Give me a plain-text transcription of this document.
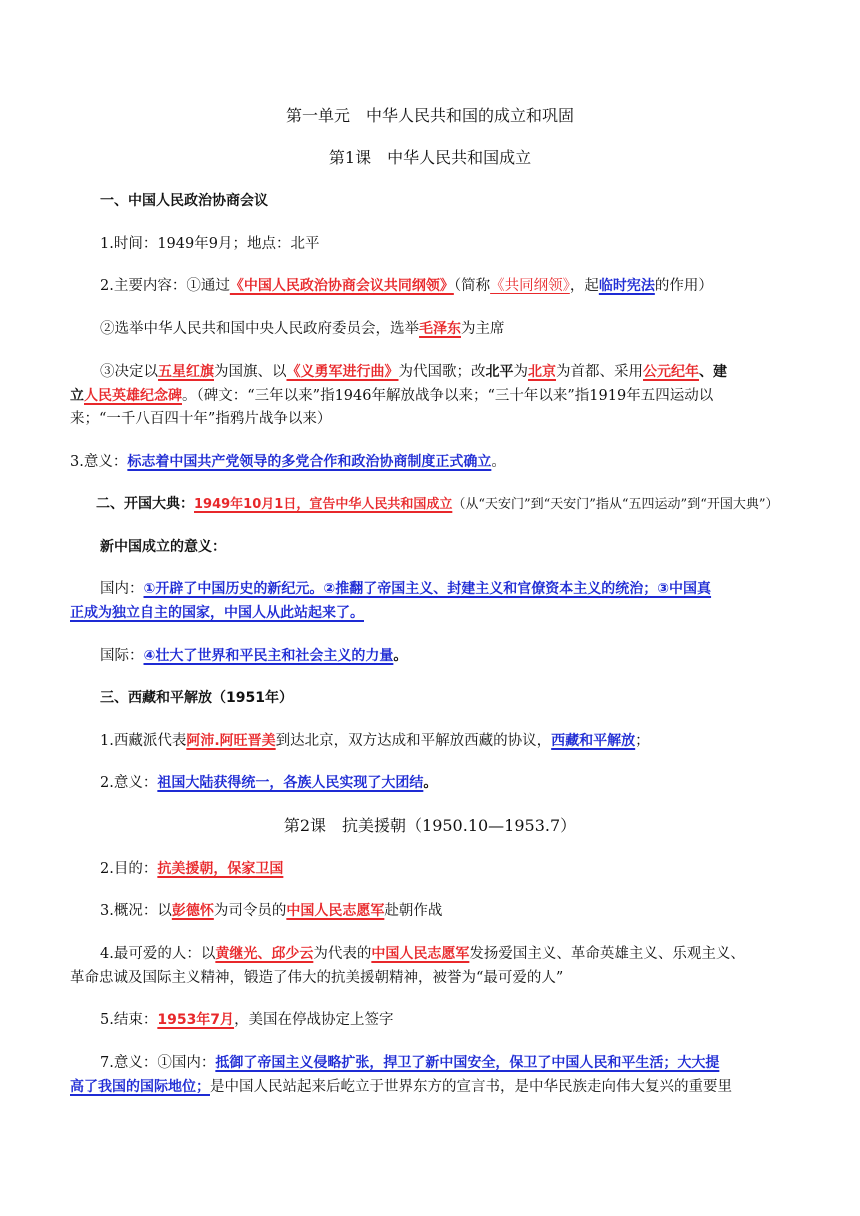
第一单元　中华人民共和国的成立和巩固
第1课　中华人民共和国成立
一、中国人民政治协商会议
1.时间：1949年9月；地点：北平
2.主要内容：①通过《中国人民政治协商会议共同纲领》（简称《共同纲领》，起临时宪法的作用）
②选举中华人民共和国中央人民政府委员会，选举毛泽东为主席
③决定以五星红旗为国旗、以《义勇军进行曲》为代国歌；改北平为北京为首都、采用公元纪年、建
立人民英雄纪念碑。（碑文：“三年以来”指1946年解放战争以来；“三十年以来”指1919年五四运动以
来；“一千八百四十年”指鸦片战争以来）
3.意义：标志着中国共产党领导的多党合作和政治协商制度正式确立。
二、开国大典：1949年10月1日，宣告中华人民共和国成立（从“天安门”到“天安门”指从“五四运动”到“开国大典”）
新中国成立的意义：
国内：①开辟了中国历史的新纪元。②推翻了帝国主义、封建主义和官僚资本主义的统治；③中国真
正成为独立自主的国家，中国人从此站起来了。
国际：④壮大了世界和平民主和社会主义的力量。
三、西藏和平解放（1951年）
1.西藏派代表阿沛.阿旺晋美到达北京，双方达成和平解放西藏的协议，西藏和平解放；
2.意义：祖国大陆获得统一，各族人民实现了大团结。
第2课　抗美援朝（1950.10—1953.7）
2.目的：抗美援朝，保家卫国
3.概况：以彭德怀为司令员的中国人民志愿军赴朝作战
4.最可爱的人：以黄继光、邱少云为代表的中国人民志愿军发扬爱国主义、革命英雄主义、乐观主义、
革命忠诚及国际主义精神，锻造了伟大的抗美援朝精神，被誉为“最可爱的人”
5.结束：1953年7月，美国在停战协定上签字
7.意义：①国内：抵御了帝国主义侵略扩张，捍卫了新中国安全，保卫了中国人民和平生活；大大提
高了我国的国际地位；是中国人民站起来后屹立于世界东方的宣言书，是中华民族走向伟大复兴的重要里
